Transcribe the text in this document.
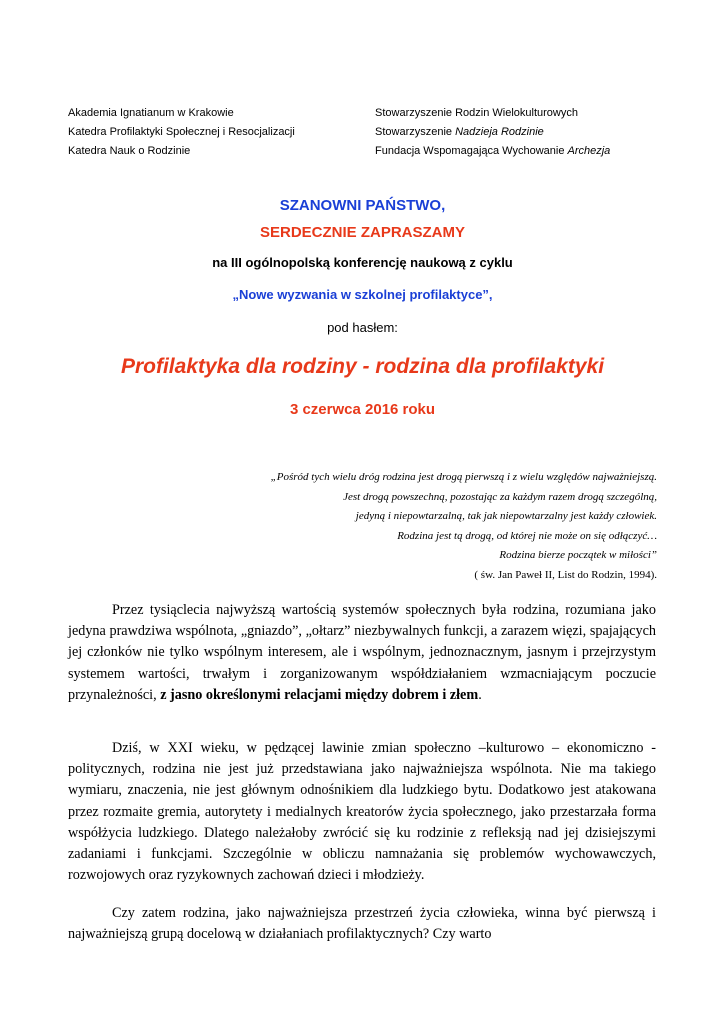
Akademia Ignatianum w Krakowie
Katedra Profilaktyki Społecznej i Resocjalizacji
Katedra Nauk o Rodzinie
Stowarzyszenie Rodzin Wielokulturowych
Stowarzyszenie Nadzieja Rodzinie
Fundacja Wspomagająca Wychowanie Archezja
SZANOWNI PAŃSTWO,
SERDECZNIE ZAPRASZAMY
na III ogólnopolską konferencję naukową z cyklu
„Nowe wyzwania w szkolnej profilaktyce”,
pod hasłem:
Profilaktyka dla rodziny - rodzina dla profilaktyki
3 czerwca 2016 roku
„Pośród tych wielu dróg rodzina jest drogą pierwszą i z wielu względów najważniejszą.
Jest drogą powszechną, pozostając za każdym razem drogą szczególną,
jedyną i niepowtarzalną, tak jak niepowtarzalny jest każdy człowiek.
Rodzina jest tą drogą, od której nie może on się odłączyć…
Rodzina bierze początek w miłości”
( św. Jan Paweł II, List do Rodzin, 1994).

Przez tysiąclecia najwyższą wartością systemów społecznych była rodzina, rozumiana jako jedyna prawdziwa wspólnota, „gniazdo”, „ołtarz” niezbywalnych funkcji, a zarazem więzi, spajających jej członków nie tylko wspólnym interesem, ale i wspólnym, jednoznacznym, jasnym i przejrzystym systemem wartości, trwałym i zorganizowanym współdziałaniem wzmacniającym poczucie przynależności, z jasno określonymi relacjami między dobrem i złem.

Dziś, w XXI wieku, w pędzącej lawinie zmian społeczno –kulturowo – ekonomiczno - politycznych, rodzina nie jest już przedstawiana jako najważniejsza wspólnota. Nie ma takiego wymiaru, znaczenia, nie jest głównym odnośnikiem dla ludzkiego bytu. Dodatkowo jest atakowana przez rozmaite gremia, autorytety i medialnych kreatorów życia społecznego, jako przestarzała forma współżycia ludzkiego. Dlatego należałoby zwrócić się ku rodzinie z refleksją nad jej dzisiejszymi zadaniami i funkcjami. Szczególnie w obliczu namnażania się problemów wychowawczych, rozwojowych oraz ryzykownych zachowań dzieci i młodzieży.

Czy zatem rodzina, jako najważniejsza przestrzeń życia człowieka, winna być pierwszą i najważniejszą grupą docelową w działaniach profilaktycznych? Czy warto
